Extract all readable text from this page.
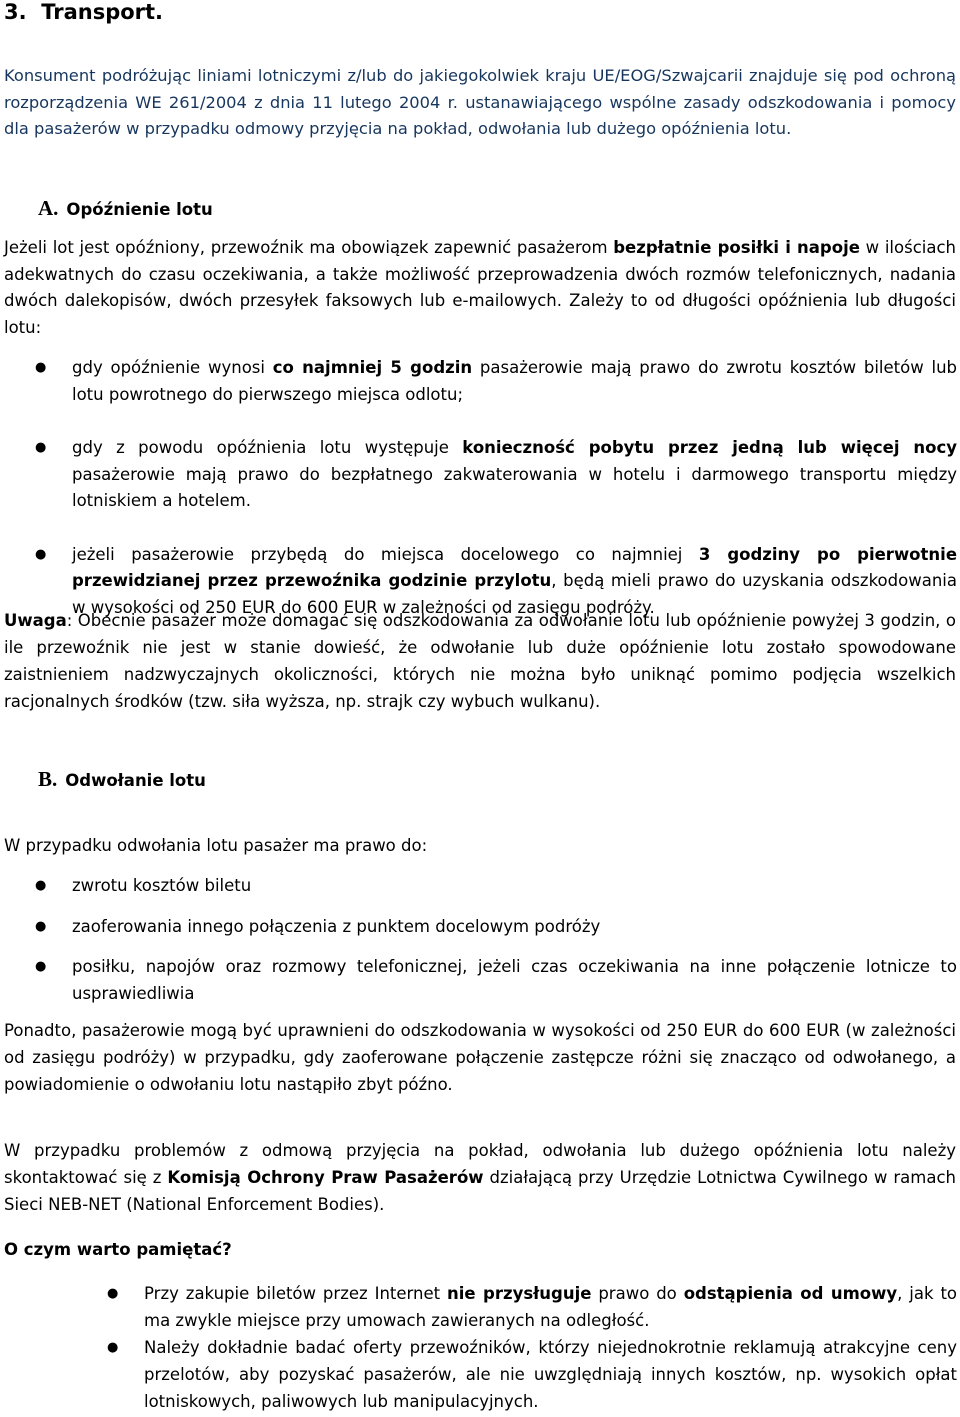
3.  Transport.

Konsument podróżując liniami lotniczymi z/lub do jakiegokolwiek kraju UE/EOG/Szwajcarii znajduje się pod ochroną rozporządzenia WE 261/2004 z dnia 11 lutego 2004 r. ustanawiającego wspólne zasady odszkodowania i pomocy dla pasażerów w przypadku odmowy przyjęcia na pokład, odwołania lub dużego opóźnienia lotu.

A. Opóźnienie lotu

Jeżeli lot jest opóźniony, przewoźnik ma obowiązek zapewnić pasażerom bezpłatnie posiłki i napoje w ilościach adekwatnych do czasu oczekiwania, a także możliwość przeprowadzenia dwóch rozmów telefonicznych, nadania dwóch dalekopisów, dwóch przesyłek faksowych lub e-mailowych. Zależy to od długości opóźnienia lub długości lotu:

● gdy opóźnienie wynosi co najmniej 5 godzin pasażerowie mają prawo do zwrotu kosztów biletów lub lotu powrotnego do pierwszego miejsca odlotu;
● gdy z powodu opóźnienia lotu występuje konieczność pobytu przez jedną lub więcej nocy pasażerowie mają prawo do bezpłatnego zakwaterowania w hotelu i darmowego transportu między lotniskiem a hotelem.
● jeżeli pasażerowie przybędą do miejsca docelowego co najmniej 3 godziny po pierwotnie przewidzianej przez przewoźnika godzinie przylotu, będą mieli prawo do uzyskania odszkodowania w wysokości od 250 EUR do 600 EUR w zależności od zasięgu podróży.

Uwaga: Obecnie pasażer może domagać się odszkodowania za odwołanie lotu lub opóźnienie powyżej 3 godzin, o ile przewoźnik nie jest w stanie dowieść, że odwołanie lub duże opóźnienie lotu zostało spowodowane zaistnieniem nadzwyczajnych okoliczności, których nie można było uniknąć pomimo podjęcia wszelkich racjonalnych środków (tzw. siła wyższa, np. strajk czy wybuch wulkanu).

B. Odwołanie lotu

W przypadku odwołania lotu pasażer ma prawo do:

● zwrotu kosztów biletu
● zaoferowania innego połączenia z punktem docelowym podróży
● posiłku, napojów oraz rozmowy telefonicznej, jeżeli czas oczekiwania na inne połączenie lotnicze to usprawiedliwia

Ponadto, pasażerowie mogą być uprawnieni do odszkodowania w wysokości od 250 EUR do 600 EUR (w zależności od zasięgu podróży) w przypadku, gdy zaoferowane połączenie zastępcze różni się znacząco od odwołanego, a powiadomienie o odwołaniu lotu nastąpiło zbyt późno.

W przypadku problemów z odmową przyjęcia na pokład, odwołania lub dużego opóźnienia lotu należy skontaktować się z Komisją Ochrony Praw Pasażerów działającą przy Urzędzie Lotnictwa Cywilnego w ramach Sieci NEB-NET (National Enforcement Bodies).

O czym warto pamiętać?
● Przy zakupie biletów przez Internet nie przysługuje prawo do odstąpienia od umowy, jak to ma zwykle miejsce przy umowach zawieranych na odległość.
● Należy dokładnie badać oferty przewoźników, którzy niejednokrotnie reklamują atrakcyjne ceny przelotów, aby pozyskać pasażerów, ale nie uwzględniają innych kosztów, np. wysokich opłat lotniskowych, paliwowych lub manipulacyjnych.
